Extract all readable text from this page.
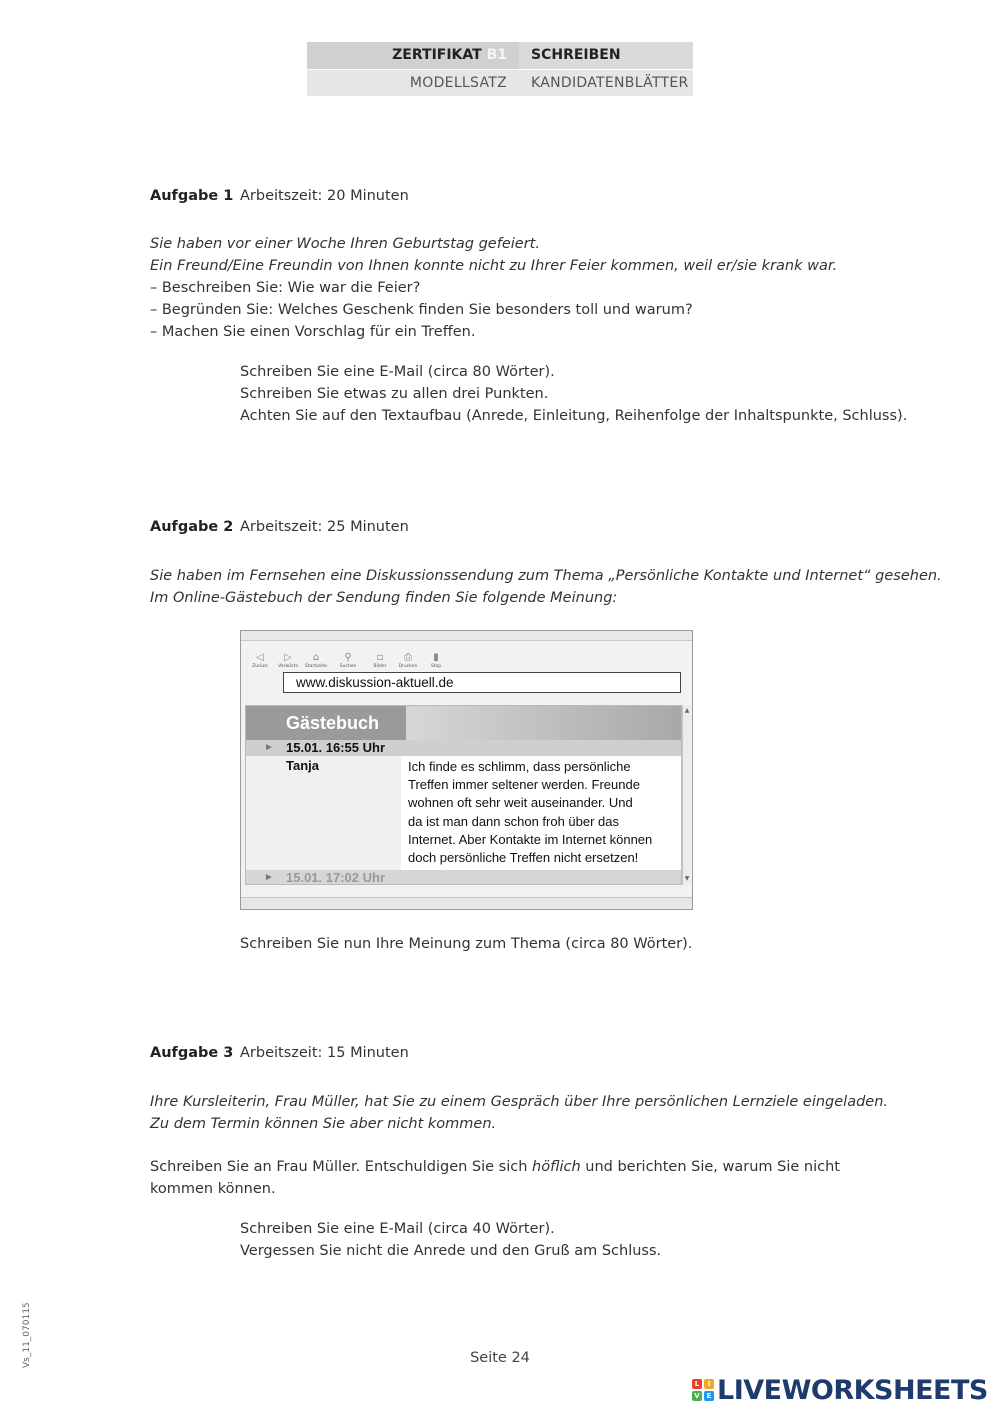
ZERTIFIKAT B1	SCHREIBEN
MODELLSATZ	KANDIDATENBLÄTTER
Aufgabe 1 Arbeitszeit: 20 Minuten
Sie haben vor einer Woche Ihren Geburtstag gefeiert.
Ein Freund/Eine Freundin von Ihnen konnte nicht zu Ihrer Feier kommen, weil er/sie krank war.
– Beschreiben Sie: Wie war die Feier?
– Begründen Sie: Welches Geschenk finden Sie besonders toll und warum?
– Machen Sie einen Vorschlag für ein Treffen.
Schreiben Sie eine E-Mail (circa 80 Wörter).
Schreiben Sie etwas zu allen drei Punkten.
Achten Sie auf den Textaufbau (Anrede, Einleitung, Reihenfolge der Inhaltspunkte, Schluss).
Aufgabe 2 Arbeitszeit: 25 Minuten
Sie haben im Fernsehen eine Diskussionssendung zum Thema „Persönliche Kontakte und Internet“ gesehen.
Im Online-Gästebuch der Sendung finden Sie folgende Meinung:
◁
Zurück
▷
Vorwärts
⌂
Startseite
⚲
Suchen
▫
Bilder
⎙
Drucken
▮
Stop
www.diskussion-aktuell.de
Gästebuch
► 15.01. 16:55 Uhr
Tanja	Ich finde es schlimm, dass persönliche
Treffen immer seltener werden. Freunde
wohnen oft sehr weit auseinander. Und
da ist man dann schon froh über das
Internet. Aber Kontakte im Internet können
doch persönliche Treffen nicht ersetzen!
► 15.01. 17:02 Uhr
▲
▼
Schreiben Sie nun Ihre Meinung zum Thema (circa 80 Wörter).
Aufgabe 3 Arbeitszeit: 15 Minuten
Ihre Kursleiterin, Frau Müller, hat Sie zu einem Gespräch über Ihre persönlichen Lernziele eingeladen.
Zu dem Termin können Sie aber nicht kommen.
Schreiben Sie an Frau Müller. Entschuldigen Sie sich höflich und berichten Sie, warum Sie nicht
kommen können.
Schreiben Sie eine E-Mail (circa 40 Wörter).
Vergessen Sie nicht die Anrede und den Gruß am Schluss.
Vs_11_070115	Seite 24
L	I
V E LIVEWORKSHEETS
